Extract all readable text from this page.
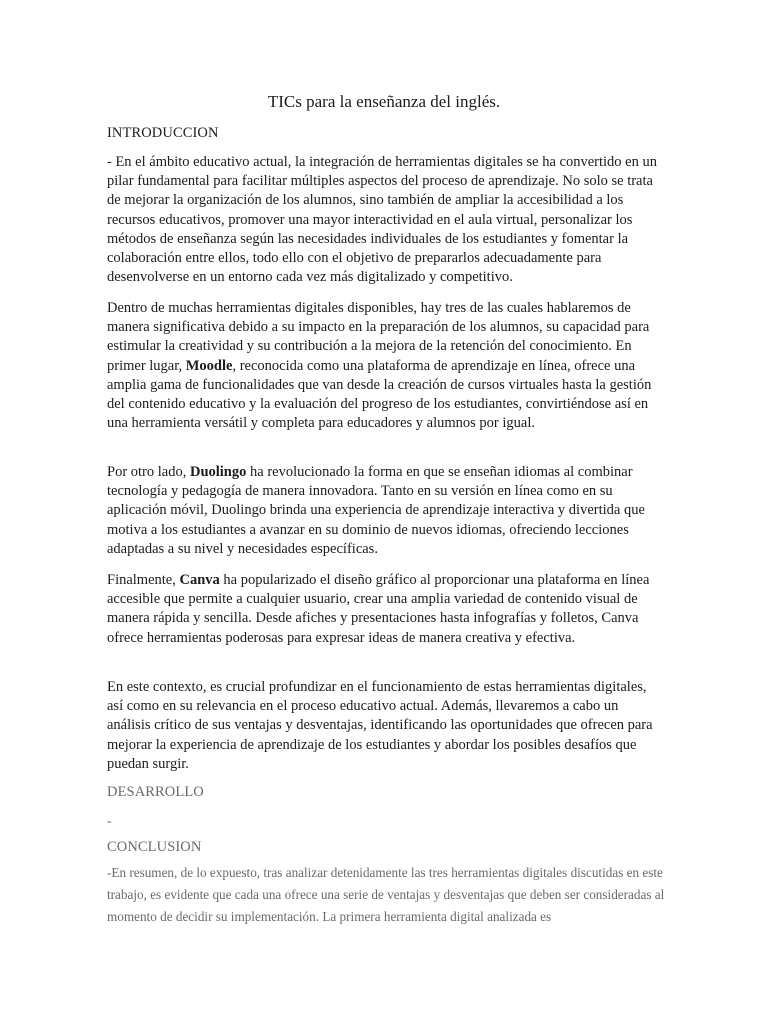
TICs para la enseñanza del inglés.
INTRODUCCION

- En el ámbito educativo actual, la integración de herramientas digitales se ha convertido en un pilar fundamental para facilitar múltiples aspectos del proceso de aprendizaje. No solo se trata de mejorar la organización de los alumnos, sino también de ampliar la accesibilidad a los recursos educativos, promover una mayor interactividad en el aula virtual, personalizar los métodos de enseñanza según las necesidades individuales de los estudiantes y fomentar la colaboración entre ellos, todo ello con el objetivo de prepararlos adecuadamente para desenvolverse en un entorno cada vez más digitalizado y competitivo.

Dentro de muchas herramientas digitales disponibles, hay tres de las cuales hablaremos de manera significativa debido a su impacto en la preparación de los alumnos, su capacidad para estimular la creatividad y su contribución a la mejora de la retención del conocimiento. En primer lugar, Moodle, reconocida como una plataforma de aprendizaje en línea, ofrece una amplia gama de funcionalidades que van desde la creación de cursos virtuales hasta la gestión del contenido educativo y la evaluación del progreso de los estudiantes, convirtiéndose así en una herramienta versátil y completa para educadores y alumnos por igual.

Por otro lado, Duolingo ha revolucionado la forma en que se enseñan idiomas al combinar tecnología y pedagogía de manera innovadora. Tanto en su versión en línea como en su aplicación móvil, Duolingo brinda una experiencia de aprendizaje interactiva y divertida que motiva a los estudiantes a avanzar en su dominio de nuevos idiomas, ofreciendo lecciones adaptadas a su nivel y necesidades específicas.

Finalmente, Canva ha popularizado el diseño gráfico al proporcionar una plataforma en línea accesible que permite a cualquier usuario, crear una amplia variedad de contenido visual de manera rápida y sencilla. Desde afiches y presentaciones hasta infografías y folletos, Canva ofrece herramientas poderosas para expresar ideas de manera creativa y efectiva.

En este contexto, es crucial profundizar en el funcionamiento de estas herramientas digitales, así como en su relevancia en el proceso educativo actual. Además, llevaremos a cabo un análisis crítico de sus ventajas y desventajas, identificando las oportunidades que ofrecen para mejorar la experiencia de aprendizaje de los estudiantes y abordar los posibles desafíos que puedan surgir.

DESARROLLO

-

CONCLUSION

-En resumen, de lo expuesto, tras analizar detenidamente las tres herramientas digitales discutidas en este trabajo, es evidente que cada una ofrece una serie de ventajas y desventajas que deben ser consideradas al momento de decidir su implementación. La primera herramienta digital analizada es
